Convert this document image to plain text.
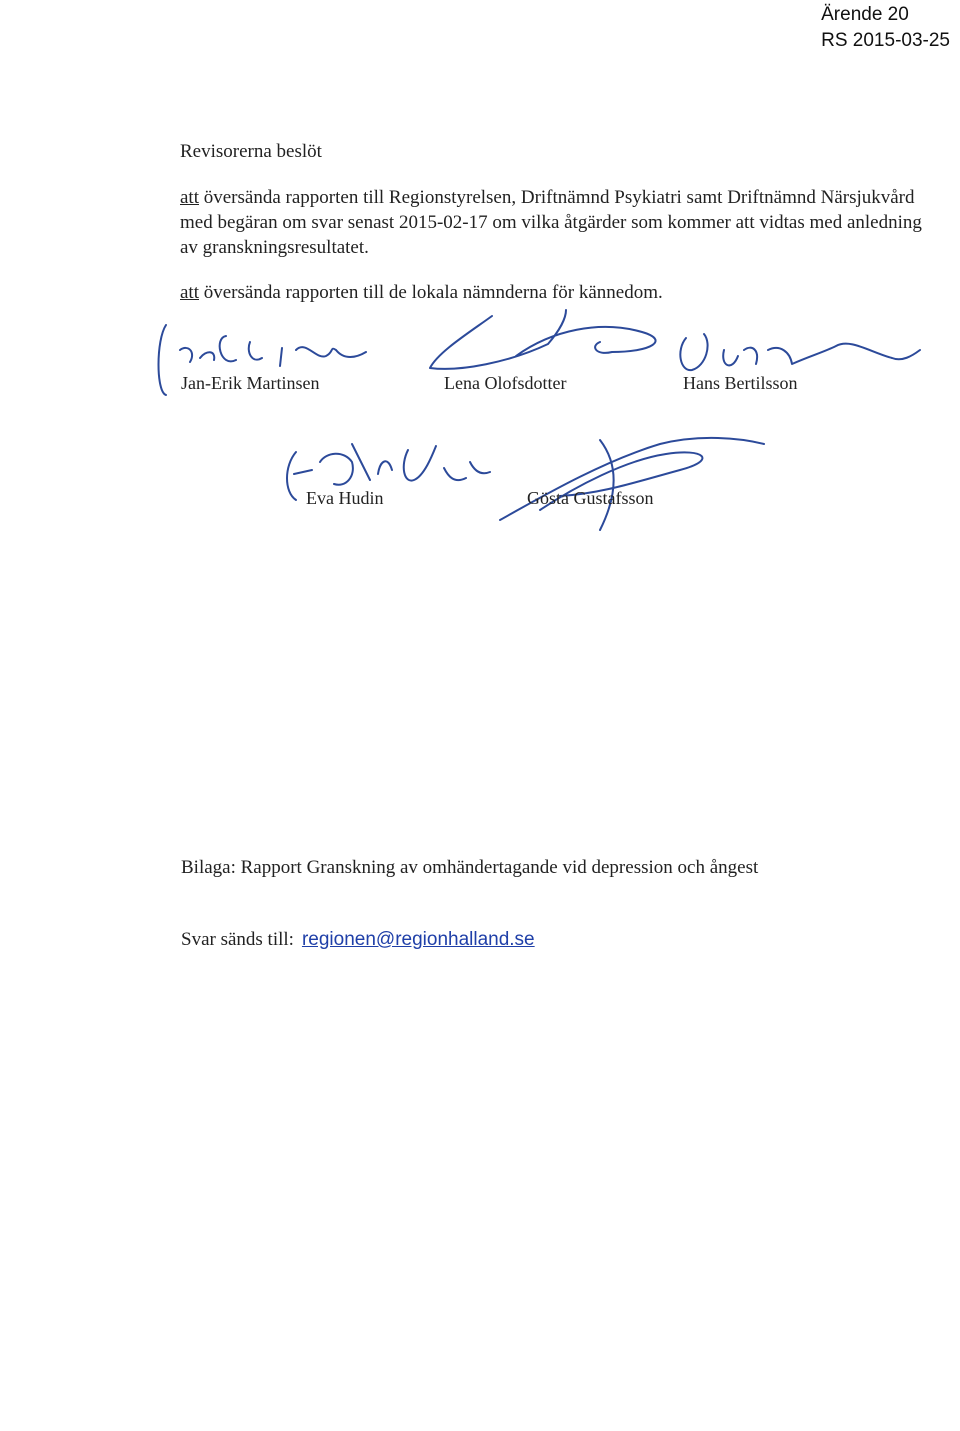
Ärende 20
RS 2015-03-25
Revisorerna beslöt
att översända rapporten till Regionstyrelsen, Driftnämnd Psykiatri samt Driftnämnd Närsjukvård med begäran om svar senast 2015-02-17 om vilka åtgärder som kommer att vidtas med anledning av granskningsresultatet.
att översända rapporten till de lokala nämnderna för kännedom.
Jan-Erik Martinsen	Lena Olofsdotter	Hans Bertilsson
Eva Hudin	Gösta Gustafsson
Bilaga: Rapport Granskning av omhändertagande vid depression och ångest
Svar sänds till: regionen@regionhalland.se
